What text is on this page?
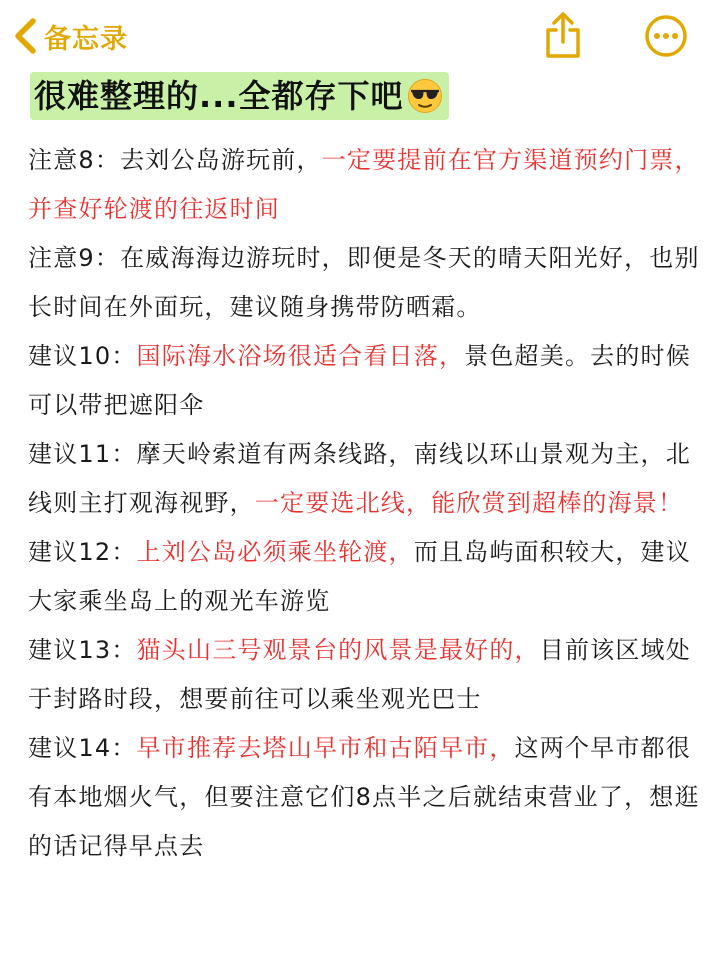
备忘录
很难整理的...全都存下吧

注意8：去刘公岛游玩前，一定要提前在官方渠道预约门票，并查好轮渡的往返时间

注意9：在威海海边游玩时，即便是冬天的晴天阳光好，也别长时间在外面玩，建议随身携带防晒霜。

建议10：国际海水浴场很适合看日落，景色超美。去的时候可以带把遮阳伞

建议11：摩天岭索道有两条线路，南线以环山景观为主，北线则主打观海视野，一定要选北线，能欣赏到超棒的海景！

建议12：上刘公岛必须乘坐轮渡，而且岛屿面积较大，建议大家乘坐岛上的观光车游览

建议13：猫头山三号观景台的风景是最好的，目前该区域处于封路时段，想要前往可以乘坐观光巴士

建议14：早市推荐去塔山早市和古陌早市，这两个早市都很有本地烟火气，但要注意它们8点半之后就结束营业了，想逛的话记得早点去
